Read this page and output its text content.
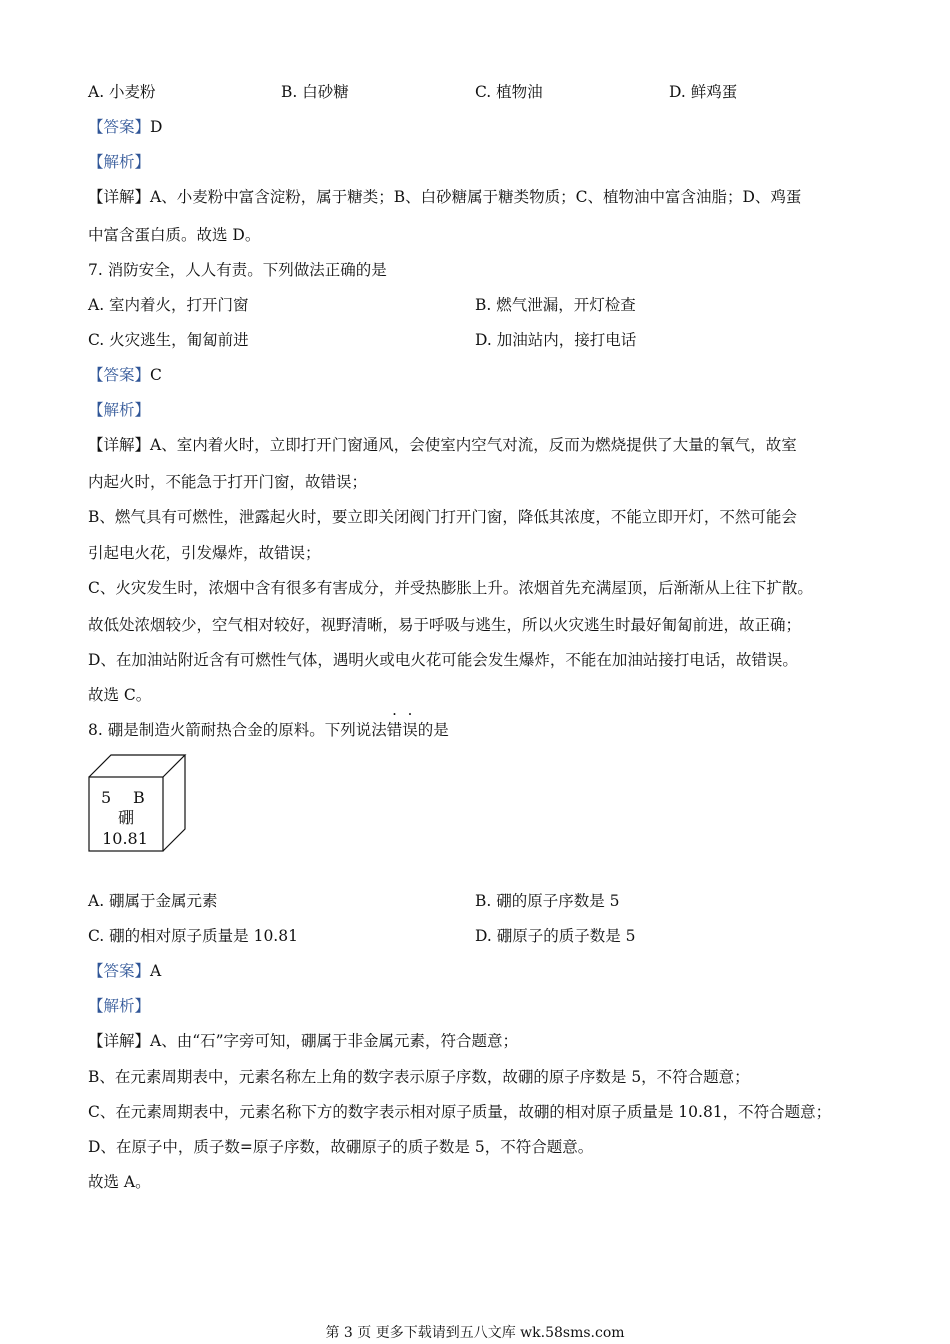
A. 小麦粉	B. 白砂糖	C. 植物油	D. 鲜鸡蛋
【答案】D
【解析】
【详解】A、小麦粉中富含淀粉，属于糖类；B、白砂糖属于糖类物质；C、植物油中富含油脂；D、鸡蛋
中富含蛋白质。故选 D。
7. 消防安全，人人有责。下列做法正确的是
A. 室内着火，打开门窗	B. 燃气泄漏，开灯检查
C. 火灾逃生，匍匐前进	D. 加油站内，接打电话
【答案】C
【解析】
【详解】A、室内着火时，立即打开门窗通风，会使室内空气对流，反而为燃烧提供了大量的氧气，故室
内起火时，不能急于打开门窗，故错误；
B、燃气具有可燃性，泄露起火时，要立即关闭阀门打开门窗，降低其浓度，不能立即开灯，不然可能会
引起电火花，引发爆炸，故错误；
C、火灾发生时，浓烟中含有很多有害成分，并受热膨胀上升。浓烟首先充满屋顶，后渐渐从上往下扩散。
故低处浓烟较少，空气相对较好，视野清晰，易于呼吸与逃生，所以火灾逃生时最好匍匐前进，故正确；
D、在加油站附近含有可燃性气体，遇明火或电火花可能会发生爆炸，不能在加油站接打电话，故错误。
故选 C。
8. 硼是制造火箭耐热合金的原料。下列说法错误的是
5 B
硼
10.81
A. 硼属于金属元素	B. 硼的原子序数是 5
C. 硼的相对原子质量是 10.81	D. 硼原子的质子数是 5
【答案】A
【解析】
【详解】A、由“石”字旁可知，硼属于非金属元素，符合题意；
B、在元素周期表中，元素名称左上角的数字表示原子序数，故硼的原子序数是 5，不符合题意；
C、在元素周期表中，元素名称下方的数字表示相对原子质量，故硼的相对原子质量是 10.81，不符合题意；
D、在原子中，质子数=原子序数，故硼原子的质子数是 5，不符合题意。
故选 A。
第 3 页 更多下载请到五八文库 wk.58sms.com
